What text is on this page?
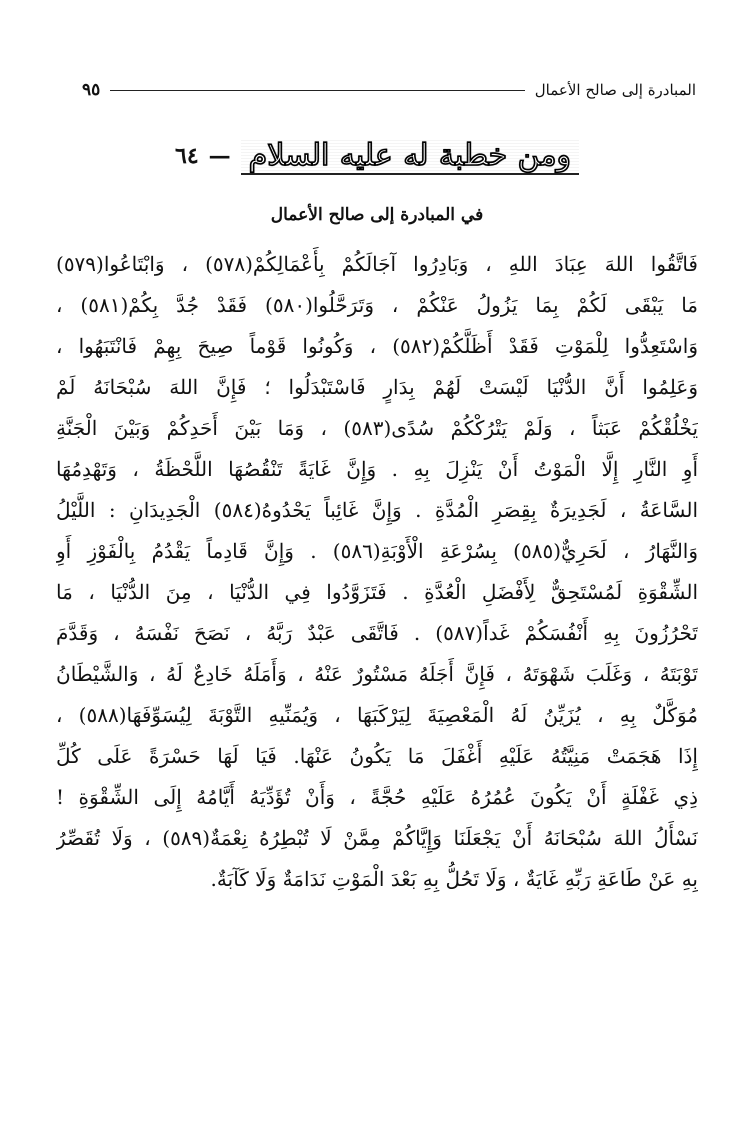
المبادرة إلى صالح الأعمال
٩٥
ومن خطبة له عليه السلام
—
٦٤
في المبادرة إلى صالح الأعمال
فَاتَّقُوا اللهَ عِبَادَ اللهِ ، وَبَادِرُوا آجَالَكُمْ بِأَعْمَالِكُمْ(٥٧٨) ، وَابْتَاعُوا(٥٧٩)
مَا يَبْقَى لَكُمْ بِمَا يَزُولُ عَنْكُمْ ، وَتَرَحَّلُوا(٥٨٠) فَقَدْ جُدَّ بِكُمْ(٥٨١) ،
وَاسْتَعِدُّوا لِلْمَوْتِ فَقَدْ أَظَلَّكُمْ(٥٨٢) ، وَكُونُوا قَوْماً صِيحَ بِهِمْ فَانْتَبَهُوا ،
وَعَلِمُوا أَنَّ الدُّنْيَا لَيْسَتْ لَهُمْ بِدَارٍ فَاسْتَبْدَلُوا ؛ فَإِنَّ اللهَ سُبْحَانَهُ لَمْ
يَخْلُقْكُمْ عَبَثاً ، وَلَمْ يَتْرُكْكُمْ سُدًى(٥٨٣) ، وَمَا بَيْنَ أَحَدِكُمْ وَبَيْنَ الْجَنَّةِ
أَوِ النَّارِ إِلَّا الْمَوْتُ أَنْ يَنْزِلَ بِهِ . وَإِنَّ غَايَةً تَنْقُصُهَا اللَّحْظَةُ ، وَتَهْدِمُهَا
السَّاعَةُ ، لَجَدِيرَةٌ بِقِصَرِ الْمُدَّةِ . وَإِنَّ غَائِباً يَحْدُوهُ(٥٨٤) الْجَدِيدَانِ : اللَّيْلُ
وَالنَّهَارُ ، لَحَرِيٌّ(٥٨٥) بِسُرْعَةِ الْأَوْبَةِ(٥٨٦) . وَإِنَّ قَادِماً يَقْدُمُ بِالْفَوْزِ أَوِ
الشِّقْوَةِ لَمُسْتَحِقٌّ لِأَفْضَلِ الْعُدَّةِ . فَتَزَوَّدُوا فِي الدُّنْيَا ، مِنَ الدُّنْيَا ، مَا
تَحْرُزُونَ بِهِ أَنْفُسَكُمْ غَداً(٥٨٧) . فَاتَّقَى عَبْدٌ رَبَّهُ ، نَصَحَ نَفْسَهُ ، وَقَدَّمَ
تَوْبَتَهُ ، وَغَلَبَ شَهْوَتَهُ ، فَإِنَّ أَجَلَهُ مَسْتُورٌ عَنْهُ ، وَأَمَلَهُ خَادِعٌ لَهُ ، وَالشَّيْطَانُ
مُوَكَّلٌ بِهِ ، يُزَيِّنُ لَهُ الْمَعْصِيَةَ لِيَرْكَبَهَا ، وَيُمَنِّيهِ التَّوْبَةَ لِيُسَوِّفَهَا(٥٨٨) ،
إِذَا هَجَمَتْ مَنِيَّتُهُ عَلَيْهِ أَغْفَلَ مَا يَكُونُ عَنْهَا. فَيَا لَهَا حَسْرَةً عَلَى كُلِّ
ذِي غَفْلَةٍ أَنْ يَكُونَ عُمُرُهُ عَلَيْهِ حُجَّةً ، وَأَنْ تُؤَدِّيَهُ أَيَّامُهُ إِلَى الشِّقْوَةِ !
نَسْأَلُ اللهَ سُبْحَانَهُ أَنْ يَجْعَلَنَا وَإِيَّاكُمْ مِمَّنْ لَا تُبْطِرُهُ نِعْمَةٌ(٥٨٩) ، وَلَا تُقَصِّرُ
بِهِ عَنْ طَاعَةِ رَبِّهِ غَايَةٌ ، وَلَا تَحُلُّ بِهِ بَعْدَ الْمَوْتِ نَدَامَةٌ وَلَا كَآبَةٌ.
